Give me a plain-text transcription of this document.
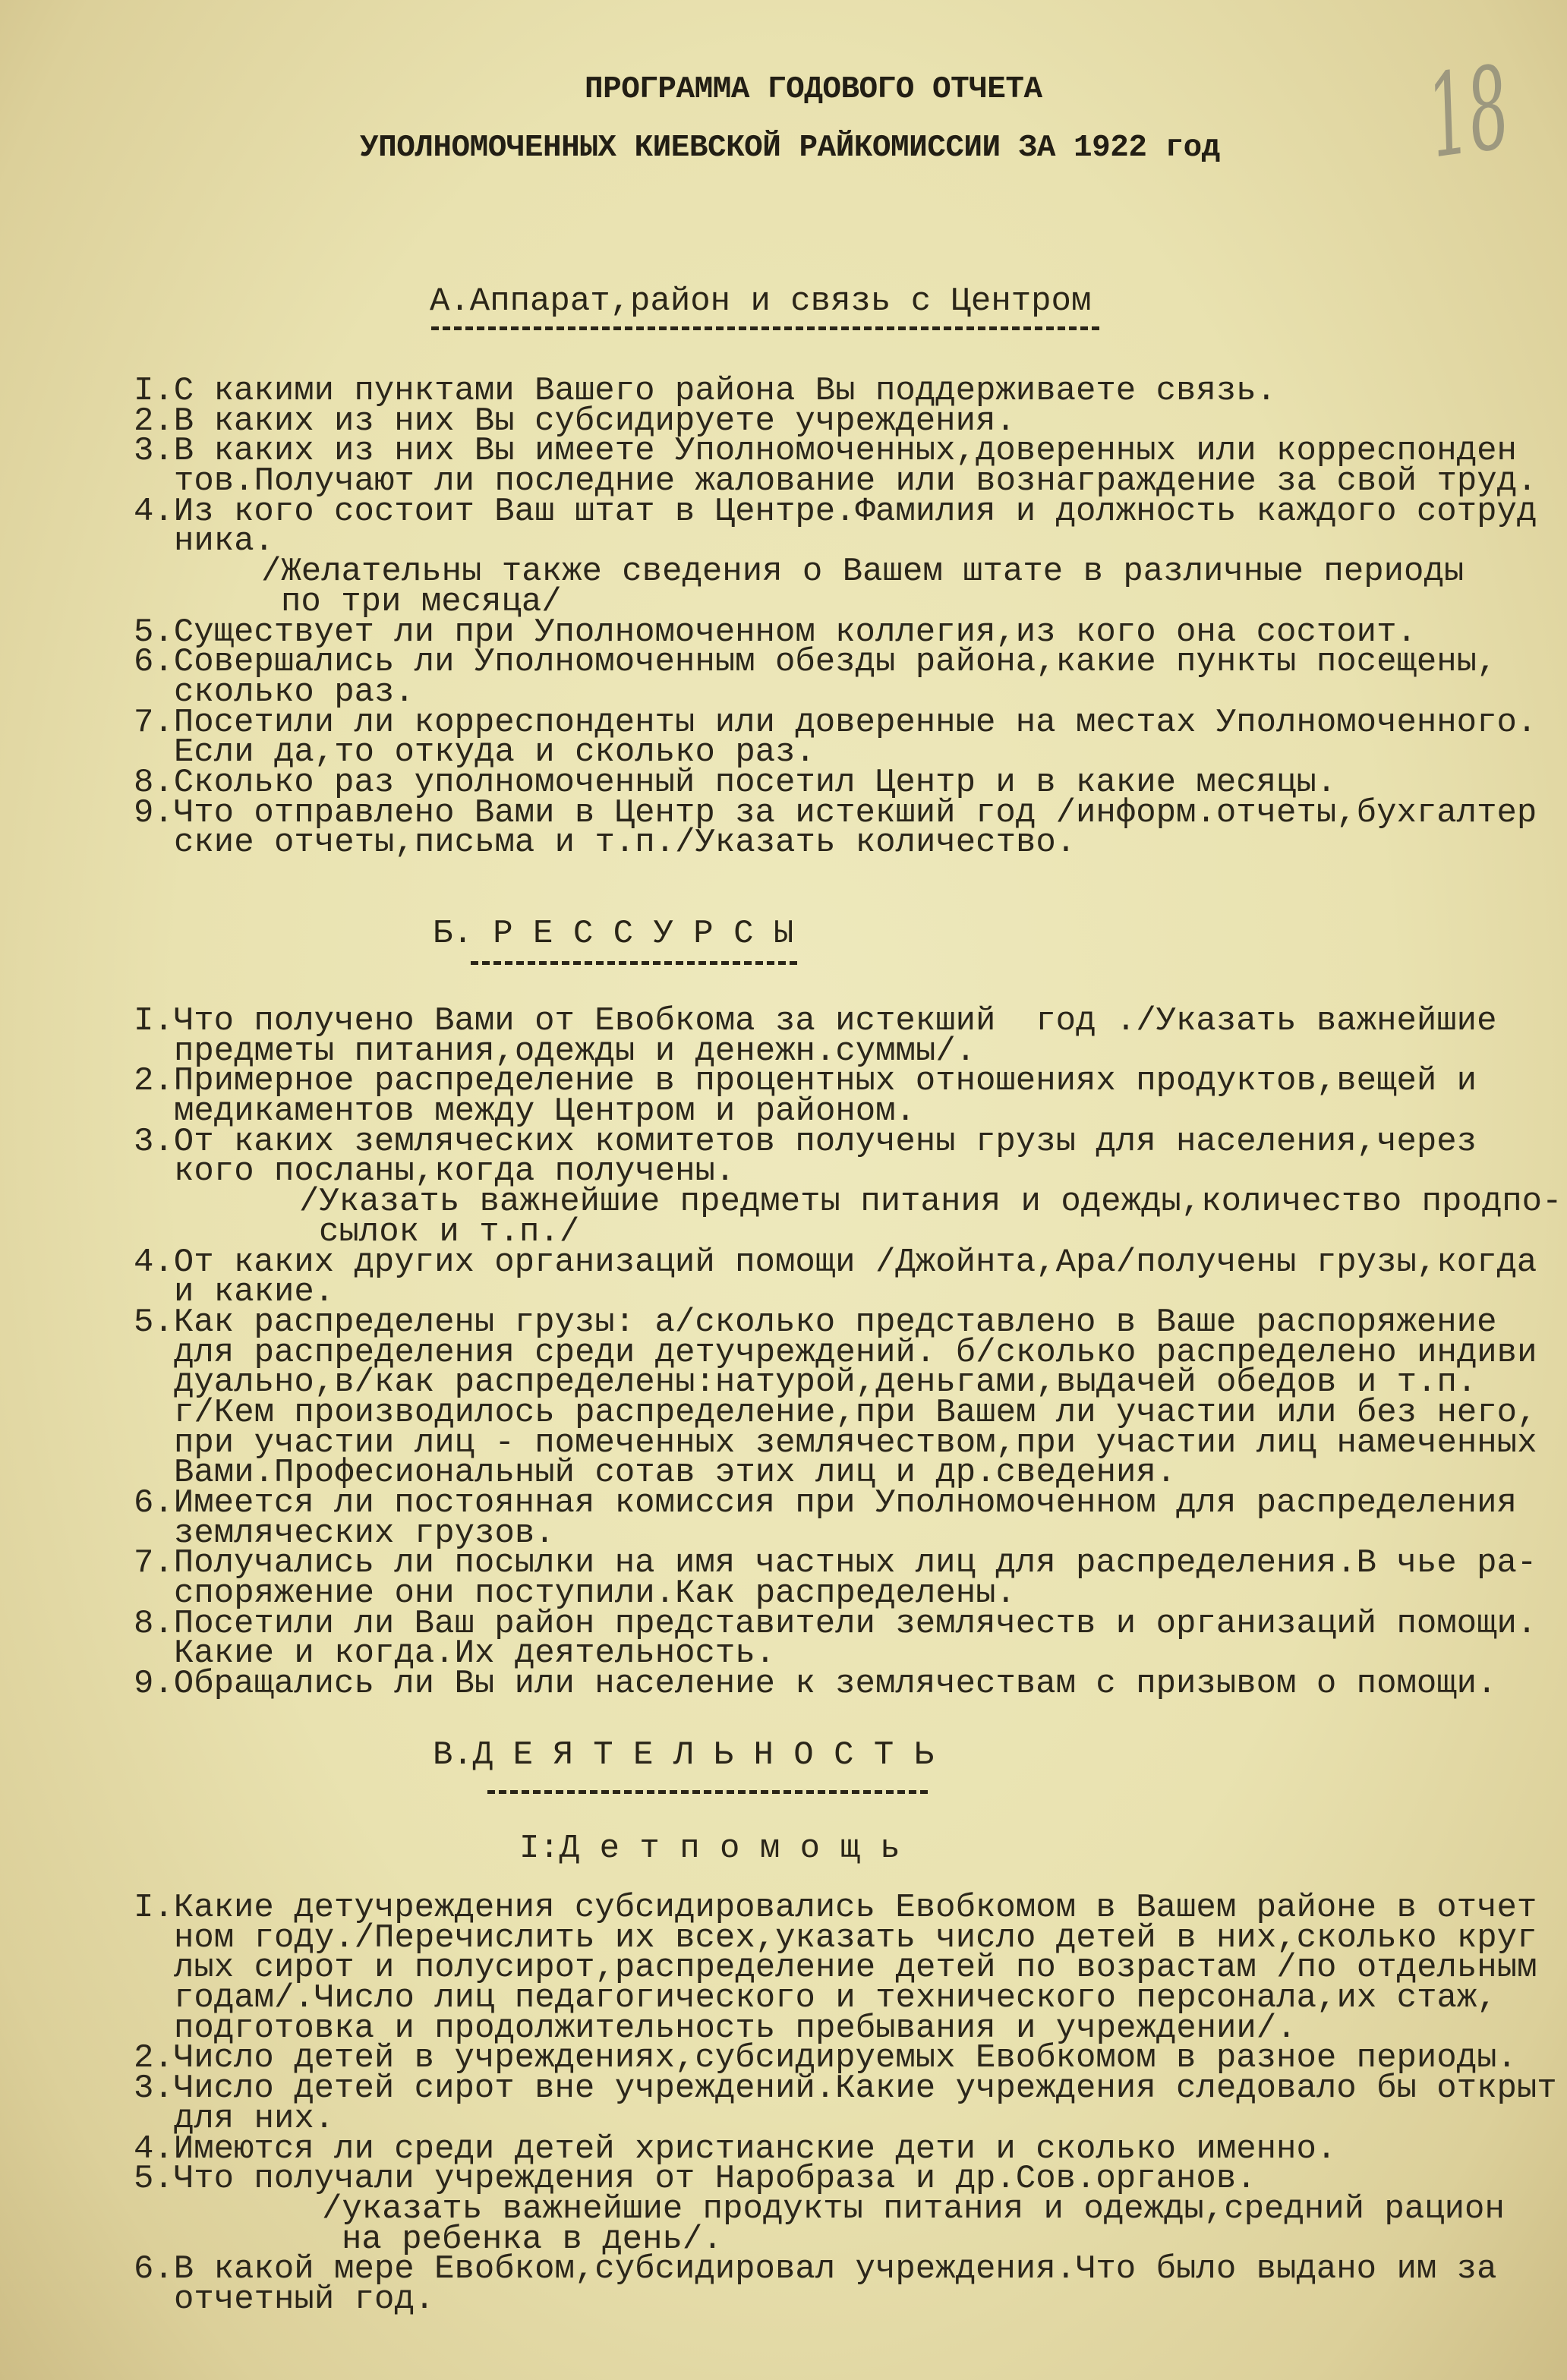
ПРОГРАММА ГОДОВОГО ОТЧЕТА
УПОЛНОМОЧЕННЫХ КИЕВСКОЙ РАЙКОМИССИИ ЗА 1922 год 18
А.Аппарат,район и связь с Центром
I.С какими пунктами Вашего района Вы поддерживаете связь.
2.В каких из них Вы субсидируете учреждения.
3.В каких из них Вы имеете Уполномоченных,доверенных или корреспонден
тов.Получают ли последние жалование или вознаграждение за свой труд.
4.Из кого состоит Ваш штат в Центре.Фамилия и должность каждого сотруд
ника.
/Желательны также сведения о Вашем штате в различные периоды
по три месяца/
5.Существует ли при Уполномоченном коллегия,из кого она состоит.
6.Совершались ли Уполномоченным обезды района,какие пункты посещены,
сколько раз.
7.Посетили ли корреспонденты или доверенные на местах Уполномоченного.
Если да,то откуда и сколько раз.
8.Сколько раз уполномоченный посетил Центр и в какие месяцы.
9.Что отправлено Вами в Центр за истекший год /информ.отчеты,бухгалтер
ские отчеты,письма и т.п./Указать количество.
Б. Р Е С С У Р С Ы
I.Что получено Вами от Евобкома за истекший  год ./Указать важнейшие
предметы питания,одежды и денежн.суммы/.
2.Примерное распределение в процентных отношениях продуктов,вещей и
медикаментов между Центром и районом.
3.От каких земляческих комитетов получены грузы для населения,через
кого посланы,когда получены.
/Указать важнейшие предметы питания и одежды,количество продпо-
сылок и т.п./
4.От каких других организаций помощи /Джойнта,Ара/получены грузы,когда
и какие.
5.Как распределены грузы: а/сколько представлено в Ваше распоряжение
для распределения среди детучреждений. б/сколько распределено индиви
дуально,в/как распределены:натурой,деньгами,выдачей обедов и т.п.
г/Кем производилось распределение,при Вашем ли участии или без него,
при участии лиц - помеченных землячеством,при участии лиц намеченных
Вами.Професиональный сотав этих лиц и др.сведения.
6.Имеется ли постоянная комиссия при Уполномоченном для распределения
земляческих грузов.
7.Получались ли посылки на имя частных лиц для распределения.В чье ра-
споряжение они поступили.Как распределены.
8.Посетили ли Ваш район представители землячеств и организаций помощи.
Какие и когда.Их деятельность.
9.Обращались ли Вы или население к землячествам с призывом о помощи.
В.Д Е Я Т Е Л Ь Н О С Т Ь
I:Д е т п о м о щ ь
I.Какие детучреждения субсидировались Евобкомом в Вашем районе в отчет
ном году./Перечислить их всех,указать число детей в них,сколько круг
лых сирот и полусирот,распределение детей по возрастам /по отдельным
годам/.Число лиц педагогического и технического персонала,их стаж,
подготовка и продолжительность пребывания и учреждении/.
2.Число детей в учреждениях,субсидируемых Евобкомом в разное периоды.
3.Число детей сирот вне учреждений.Какие учреждения следовало бы открыт
для них.
4.Имеются ли среди детей христианские дети и сколько именно.
5.Что получали учреждения от Наробраза и др.Сов.органов.
/указать важнейшие продукты питания и одежды,средний рацион
на ребенка в день/.
6.В какой мере Евобком,субсидировал учреждения.Что было выдано им за
отчетный год.
